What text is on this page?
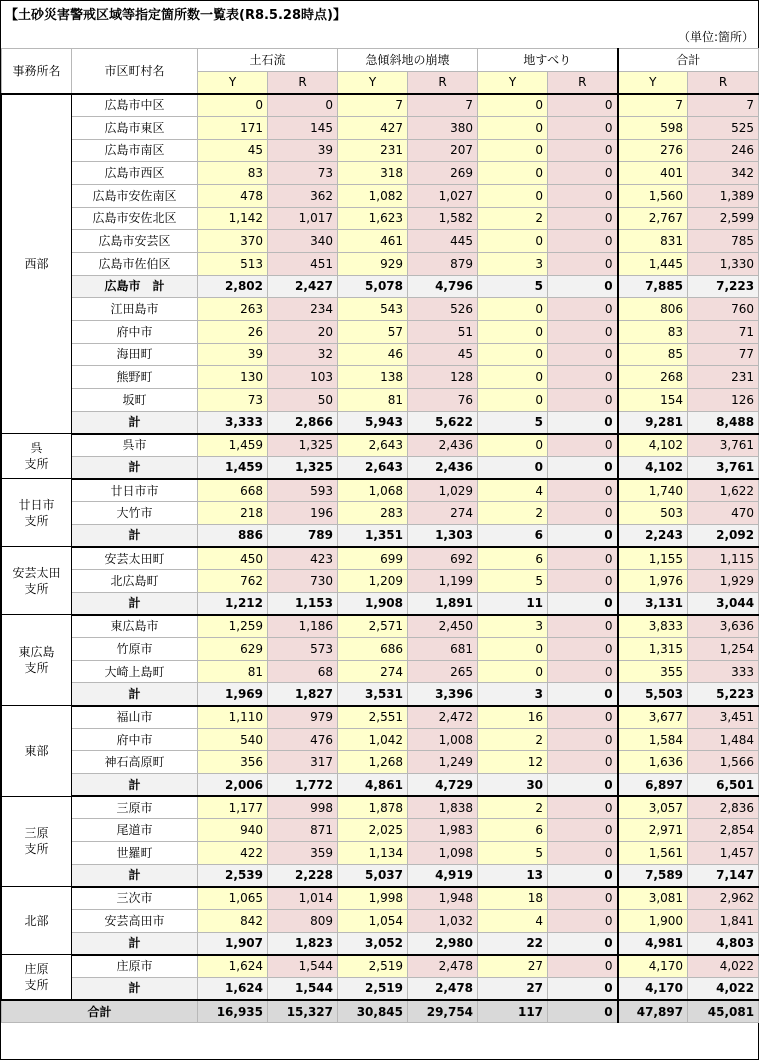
【土砂災害警戒区域等指定箇所数一覧表(R8.5.28時点)】
（単位:箇所）
事務所名	市区町村名	土石流		急傾斜地の崩壊		地すべり		合計	
		Y	R	Y	R	Y	R	Y	R
西部	広島市中区	0	0	7	7	0	0	7	7
	広島市東区	171	145	427	380	0	0	598	525
	広島市南区	45	39	231	207	0	0	276	246
	広島市西区	83	73	318	269	0	0	401	342
	広島市安佐南区	478	362	1,082	1,027	0	0	1,560	1,389
	広島市安佐北区	1,142	1,017	1,623	1,582	2	0	2,767	2,599
	広島市安芸区	370	340	461	445	0	0	831	785
	広島市佐伯区	513	451	929	879	3	0	1,445	1,330
	広島市　計	2,802	2,427	5,078	4,796	5	0	7,885	7,223
	江田島市	263	234	543	526	0	0	806	760
	府中市	26	20	57	51	0	0	83	71
	海田町	39	32	46	45	0	0	85	77
	熊野町	130	103	138	128	0	0	268	231
	坂町	73	50	81	76	0	0	154	126
	計	3,333	2,866	5,943	5,622	5	0	9,281	8,488
呉
支所	呉市	1,459	1,325	2,643	2,436	0	0	4,102	3,761
	計	1,459	1,325	2,643	2,436	0	0	4,102	3,761
廿日市
支所	廿日市市	668	593	1,068	1,029	4	0	1,740	1,622
	大竹市	218	196	283	274	2	0	503	470
	計	886	789	1,351	1,303	6	0	2,243	2,092
安芸太田
支所	安芸太田町	450	423	699	692	6	0	1,155	1,115
	北広島町	762	730	1,209	1,199	5	0	1,976	1,929
	計	1,212	1,153	1,908	1,891	11	0	3,131	3,044
東広島
支所	東広島市	1,259	1,186	2,571	2,450	3	0	3,833	3,636
	竹原市	629	573	686	681	0	0	1,315	1,254
	大崎上島町	81	68	274	265	0	0	355	333
	計	1,969	1,827	3,531	3,396	3	0	5,503	5,223
東部	福山市	1,110	979	2,551	2,472	16	0	3,677	3,451
	府中市	540	476	1,042	1,008	2	0	1,584	1,484
	神石高原町	356	317	1,268	1,249	12	0	1,636	1,566
	計	2,006	1,772	4,861	4,729	30	0	6,897	6,501
三原
支所	三原市	1,177	998	1,878	1,838	2	0	3,057	2,836
	尾道市	940	871	2,025	1,983	6	0	2,971	2,854
	世羅町	422	359	1,134	1,098	5	0	1,561	1,457
	計	2,539	2,228	5,037	4,919	13	0	7,589	7,147
北部	三次市	1,065	1,014	1,998	1,948	18	0	3,081	2,962
	安芸高田市	842	809	1,054	1,032	4	0	1,900	1,841
	計	1,907	1,823	3,052	2,980	22	0	4,981	4,803
庄原
支所	庄原市	1,624	1,544	2,519	2,478	27	0	4,170	4,022
	計	1,624	1,544	2,519	2,478	27	0	4,170	4,022
合計		16,935	15,327	30,845	29,754	117	0	47,897	45,081
